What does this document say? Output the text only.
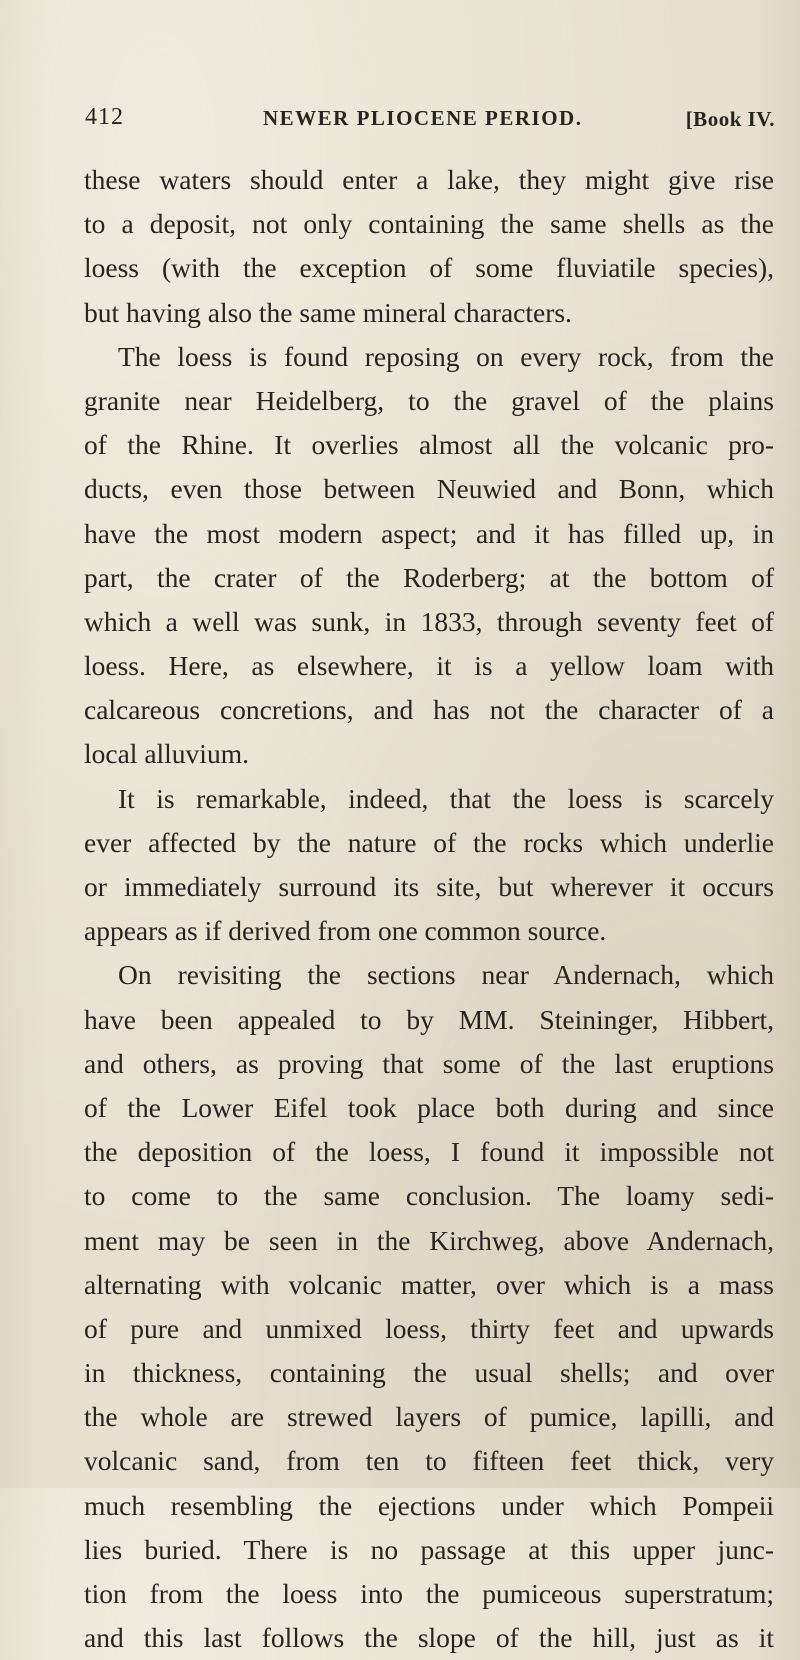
412	NEWER PLIOCENE PERIOD.	[Book IV.
these waters should enter a lake, they might give rise
to a deposit, not only containing the same shells as the
loess (with the exception of some fluviatile species),
but having also the same mineral characters.
The loess is found reposing on every rock, from the
granite near Heidelberg, to the gravel of the plains
of the Rhine. It overlies almost all the volcanic pro-
ducts, even those between Neuwied and Bonn, which
have the most modern aspect; and it has filled up, in
part, the crater of the Roderberg; at the bottom of
which a well was sunk, in 1833, through seventy feet of
loess. Here, as elsewhere, it is a yellow loam with
calcareous concretions, and has not the character of a
local alluvium.
It is remarkable, indeed, that the loess is scarcely
ever affected by the nature of the rocks which underlie
or immediately surround its site, but wherever it occurs
appears as if derived from one common source.
On revisiting the sections near Andernach, which
have been appealed to by MM. Steininger, Hibbert,
and others, as proving that some of the last eruptions
of the Lower Eifel took place both during and since
the deposition of the loess, I found it impossible not
to come to the same conclusion. The loamy sedi-
ment may be seen in the Kirchweg, above Andernach,
alternating with volcanic matter, over which is a mass
of pure and unmixed loess, thirty feet and upwards
in thickness, containing the usual shells; and over
the whole are strewed layers of pumice, lapilli, and
volcanic sand, from ten to fifteen feet thick, very
much resembling the ejections under which Pompeii
lies buried. There is no passage at this upper junc-
tion from the loess into the pumiceous superstratum;
and this last follows the slope of the hill, just as it
